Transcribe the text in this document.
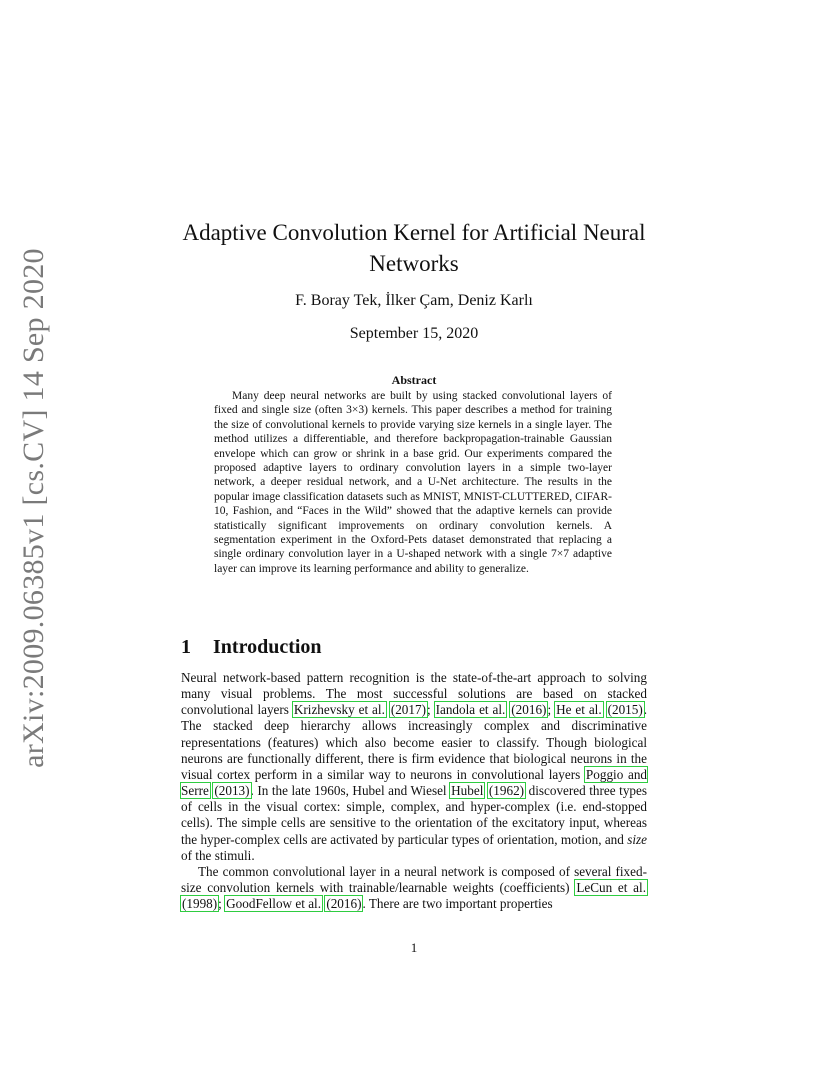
arXiv:2009.06385v1 [cs.CV] 14 Sep 2020
Adaptive Convolution Kernel for Artificial Neural Networks
F. Boray Tek, İlker Çam, Deniz Karlı
September 15, 2020
Abstract

Many deep neural networks are built by using stacked convolutional layers of fixed and single size (often 3×3) kernels. This paper describes a method for training the size of convolutional kernels to provide varying size kernels in a single layer. The method utilizes a differentiable, and therefore backpropagation-trainable Gaussian envelope which can grow or shrink in a base grid. Our experiments compared the proposed adaptive layers to ordinary convolution layers in a simple two-layer network, a deeper residual network, and a U-Net architecture. The results in the popular image classification datasets such as MNIST, MNIST-CLUTTERED, CIFAR-10, Fashion, and “Faces in the Wild” showed that the adaptive kernels can provide statistically significant improvements on ordinary convolution kernels. A segmentation experiment in the Oxford-Pets dataset demonstrated that replacing a single ordinary convolution layer in a U-shaped network with a single 7×7 adaptive layer can improve its learning performance and ability to generalize.

1 Introduction

Neural network-based pattern recognition is the state-of-the-art approach to solving many visual problems. The most successful solutions are based on stacked convolutional layers Krizhevsky et al. (2017); Iandola et al. (2016); He et al. (2015). The stacked deep hierarchy allows increasingly complex and discriminative representations (features) which also become easier to classify. Though biological neurons are functionally different, there is firm evidence that biological neurons in the visual cortex perform in a similar way to neurons in convolutional layers Poggio and Serre (2013). In the late 1960s, Hubel and Wiesel Hubel (1962) discovered three types of cells in the visual cortex: simple, complex, and hyper-complex (i.e. end-stopped cells). The simple cells are sensitive to the orientation of the excitatory input, whereas the hyper-complex cells are activated by particular types of orientation, motion, and size of the stimuli.

The common convolutional layer in a neural network is composed of several fixed-size convolution kernels with trainable/learnable weights (coefficients) LeCun et al. (1998); GoodFellow et al. (2016). There are two important properties

1
